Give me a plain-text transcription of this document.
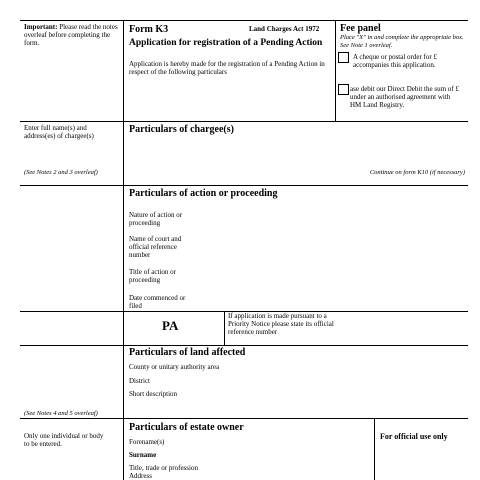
Important: Please read the notes overleaf before completing the form.
Enter full name(s) and address(es) of chargee(s)
(See Notes 2 and 3 overleaf)
(See Notes 4 and 5 overleaf)
Only one individual or body to be entered.
Form K3	Land Charges Act 1972
Application for registration of a Pending Action
Application is hereby made for the registration of a Pending Action in respect of the following particulars
Fee panel
Place "X" in and complete the appropriate box. See Note 1 overleaf.
A cheque or postal order for £ accompanies this application.
ase debit our Direct Debit the sum of £ under an authorised agreement with HM Land Registry.
Particulars of chargee(s)
Continue on form K10 (if necessary)
Particulars of action or proceeding
Nature of action or proceeding
Name of court and official reference number
Title of action or proceeding
Date commenced or filed
PA
If application is made pursuant to a Priority Notice please state its official reference number
Particulars of land affected
County or unitary authority area
District
Short description
Particulars of estate owner
Forename(s)
Surname
Title, trade or profession
Address
For official use only
